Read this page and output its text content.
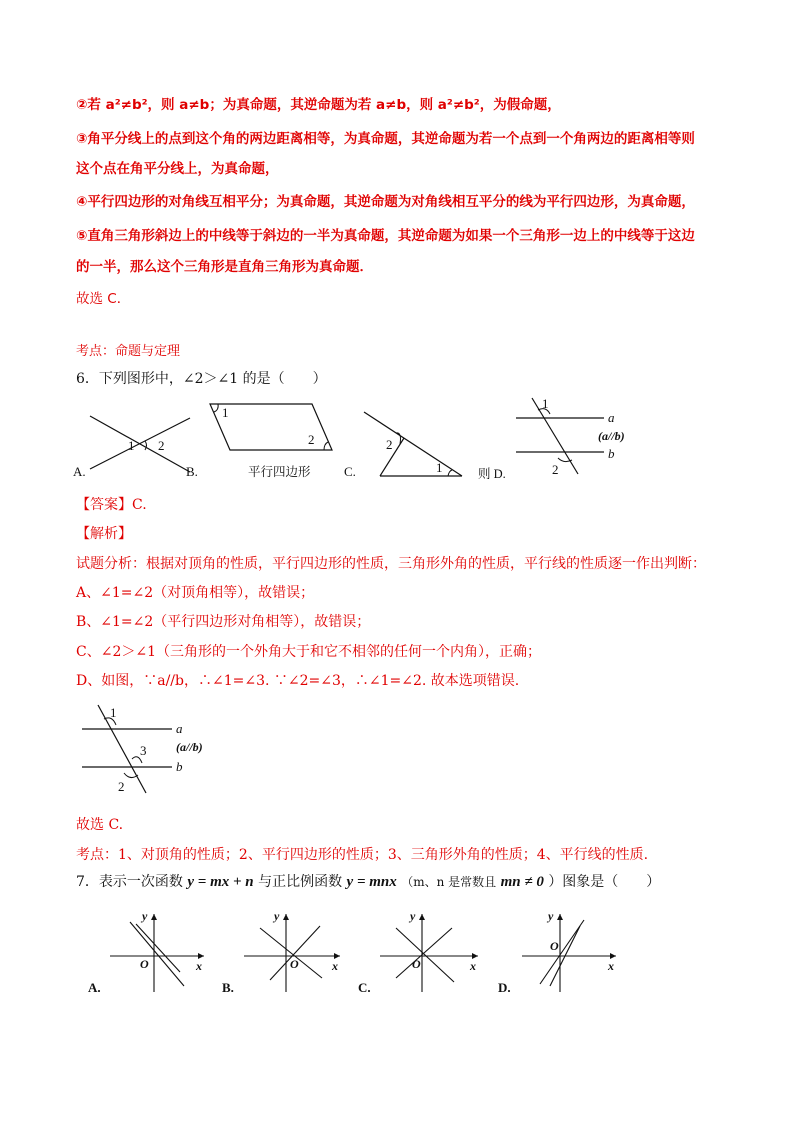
②若 a²≠b²，则 a≠b；为真命题，其逆命题为若 a≠b，则 a²≠b²，为假命题，
③角平分线上的点到这个角的两边距离相等，为真命题，其逆命题为若一个点到一个角两边的距离相等则
这个点在角平分线上，为真命题，
④平行四边形的对角线互相平分；为真命题，其逆命题为对角线相互平分的线为平行四边形，为真命题，
⑤直角三角形斜边上的中线等于斜边的一半为真命题，其逆命题为如果一个三角形一边上的中线等于这边
的一半，那么这个三角形是直角三角形为真命题．
故选 C．
考点：命题与定理
6．下列图形中，∠2＞∠1 的是（　　）
1 2
A.	B.
1
2
平行四边形	C.
2
1	则 D.
1
2
a
(a//b)
b
【答案】C.
【解析】
试题分析：根据对顶角的性质，平行四边形的性质，三角形外角的性质，平行线的性质逐一作出判断：
A、∠1=∠2（对顶角相等），故错误；
B、∠1=∠2（平行四边形对角相等），故错误；
C、∠2＞∠1（三角形的一个外角大于和它不相邻的任何一个内角），正确；
D、如图，∵a//b，∴∠1=∠3. ∵∠2=∠3，∴∠1=∠2. 故本选项错误.
1
3
2
a
(a//b)
b
故选 C.
考点：1、对顶角的性质；2、平行四边形的性质；3、三角形外角的性质；4、平行线的性质.
7．表示一次函数 y = mx + n 与正比例函数 y = mnx （m、n 是常数且 mn ≠ 0 ）图象是（　　）
y
x
O
A.
y
x
O
B.
y
x
O
C.
y
x
O
D.
